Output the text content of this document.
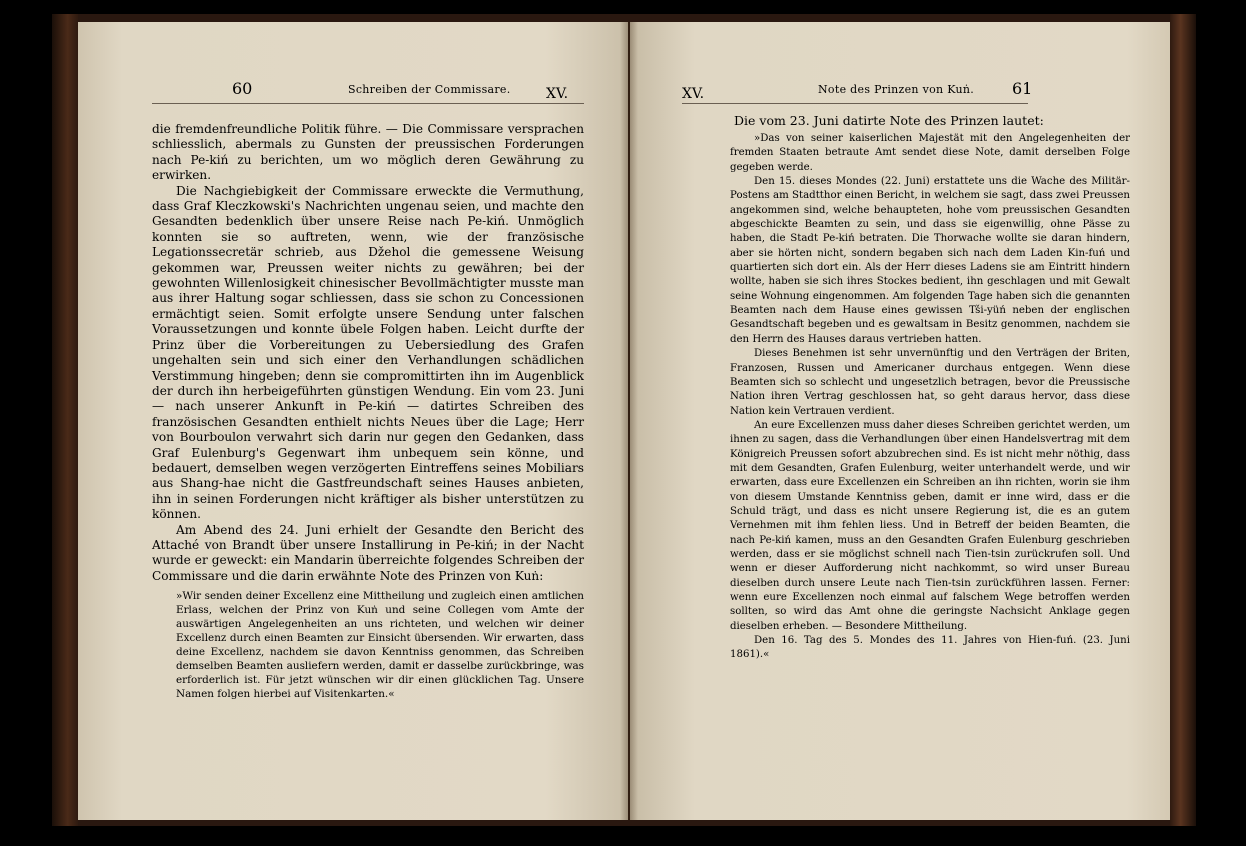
60	Schreiben der Commissare.	XV.

die fremdenfreundliche Politik führe. — Die Commissare versprachen schliesslich, abermals zu Gunsten der preussischen Forderungen nach Pe-kiń zu berichten, um wo möglich deren Gewährung zu erwirken.

Die Nachgiebigkeit der Commissare erweckte die Vermuthung, dass Graf Kleczkowski's Nachrichten ungenau seien, und machte den Gesandten bedenklich über unsere Reise nach Pe-kiń. Unmöglich konnten sie so auftreten, wenn, wie der französische Legationssecretär schrieb, aus Džehol die gemessene Weisung gekommen war, Preussen weiter nichts zu gewähren; bei der gewohnten Willenlosigkeit chinesischer Bevollmächtigter musste man aus ihrer Haltung sogar schliessen, dass sie schon zu Concessionen ermächtigt seien. Somit erfolgte unsere Sendung unter falschen Voraussetzungen und konnte übele Folgen haben. Leicht durfte der Prinz über die Vorbereitungen zu Uebersiedlung des Grafen ungehalten sein und sich einer den Verhandlungen schädlichen Verstimmung hingeben; denn sie compromittirten ihn im Augenblick der durch ihn herbeigeführten günstigen Wendung. Ein vom 23. Juni — nach unserer Ankunft in Pe-kiń — datirtes Schreiben des französischen Gesandten enthielt nichts Neues über die Lage; Herr von Bourboulon verwahrt sich darin nur gegen den Gedanken, dass Graf Eulenburg's Gegenwart ihm unbequem sein könne, und bedauert, demselben wegen verzögerten Eintreffens seines Mobiliars aus Shang-hae nicht die Gastfreundschaft seines Hauses anbieten, ihn in seinen Forderungen nicht kräftiger als bisher unterstützen zu können.

Am Abend des 24. Juni erhielt der Gesandte den Bericht des Attaché von Brandt über unsere Installirung in Pe-kiń; in der Nacht wurde er geweckt: ein Mandarin überreichte folgendes Schreiben der Commissare und die darin erwähnte Note des Prinzen von Kuṅ:

»Wir senden deiner Excellenz eine Mittheilung und zugleich einen amtlichen Erlass, welchen der Prinz von Kuṅ und seine Collegen vom Amte der auswärtigen Angelegenheiten an uns richteten, und welchen wir deiner Excellenz durch einen Beamten zur Einsicht übersenden. Wir erwarten, dass deine Excellenz, nachdem sie davon Kenntniss genommen, das Schreiben demselben Beamten ausliefern werden, damit er dasselbe zurückbringe, was erforderlich ist. Für jetzt wünschen wir dir einen glücklichen Tag. Unsere Namen folgen hierbei auf Visitenkarten.«

XV.	Note des Prinzen von Kuṅ. 61
Die vom 23. Juni datirte Note des Prinzen lautet:

»Das von seiner kaiserlichen Majestät mit den Angelegenheiten der fremden Staaten betraute Amt sendet diese Note, damit derselben Folge gegeben werde.

Den 15. dieses Mondes (22. Juni) erstattete uns die Wache des Militär-Postens am Stadtthor einen Bericht, in welchem sie sagt, dass zwei Preussen angekommen sind, welche behaupteten, hohe vom preussischen Gesandten abgeschickte Beamten zu sein, und dass sie eigenwillig, ohne Pässe zu haben, die Stadt Pe-kiń betraten. Die Thorwache wollte sie daran hindern, aber sie hörten nicht, sondern begaben sich nach dem Laden Kin-fuń und quartierten sich dort ein. Als der Herr dieses Ladens sie am Eintritt hindern wollte, haben sie sich ihres Stockes bedient, ihn geschlagen und mit Gewalt seine Wohnung eingenommen. Am folgenden Tage haben sich die genannten Beamten nach dem Hause eines gewissen Tši-yüń neben der englischen Gesandtschaft begeben und es gewaltsam in Besitz genommen, nachdem sie den Herrn des Hauses daraus vertrieben hatten.

Dieses Benehmen ist sehr unvernünftig und den Verträgen der Briten, Franzosen, Russen und Americaner durchaus entgegen. Wenn diese Beamten sich so schlecht und ungesetzlich betragen, bevor die Preussische Nation ihren Vertrag geschlossen hat, so geht daraus hervor, dass diese Nation kein Vertrauen verdient.

An eure Excellenzen muss daher dieses Schreiben gerichtet werden, um ihnen zu sagen, dass die Verhandlungen über einen Handelsvertrag mit dem Königreich Preussen sofort abzubrechen sind. Es ist nicht mehr nöthig, dass mit dem Gesandten, Grafen Eulenburg, weiter unterhandelt werde, und wir erwarten, dass eure Excellenzen ein Schreiben an ihn richten, worin sie ihm von diesem Umstande Kenntniss geben, damit er inne wird, dass er die Schuld trägt, und dass es nicht unsere Regierung ist, die es an gutem Vernehmen mit ihm fehlen liess. Und in Betreff der beiden Beamten, die nach Pe-kiń kamen, muss an den Gesandten Grafen Eulenburg geschrieben werden, dass er sie möglichst schnell nach Tien-tsin zurückrufen soll. Und wenn er dieser Aufforderung nicht nachkommt, so wird unser Bureau dieselben durch unsere Leute nach Tien-tsin zurückführen lassen. Ferner: wenn eure Excellenzen noch einmal auf falschem Wege betroffen werden sollten, so wird das Amt ohne die geringste Nachsicht Anklage gegen dieselben erheben. — Besondere Mittheilung.

Den 16. Tag des 5. Mondes des 11. Jahres von Hien-fuń. (23. Juni 1861).«
